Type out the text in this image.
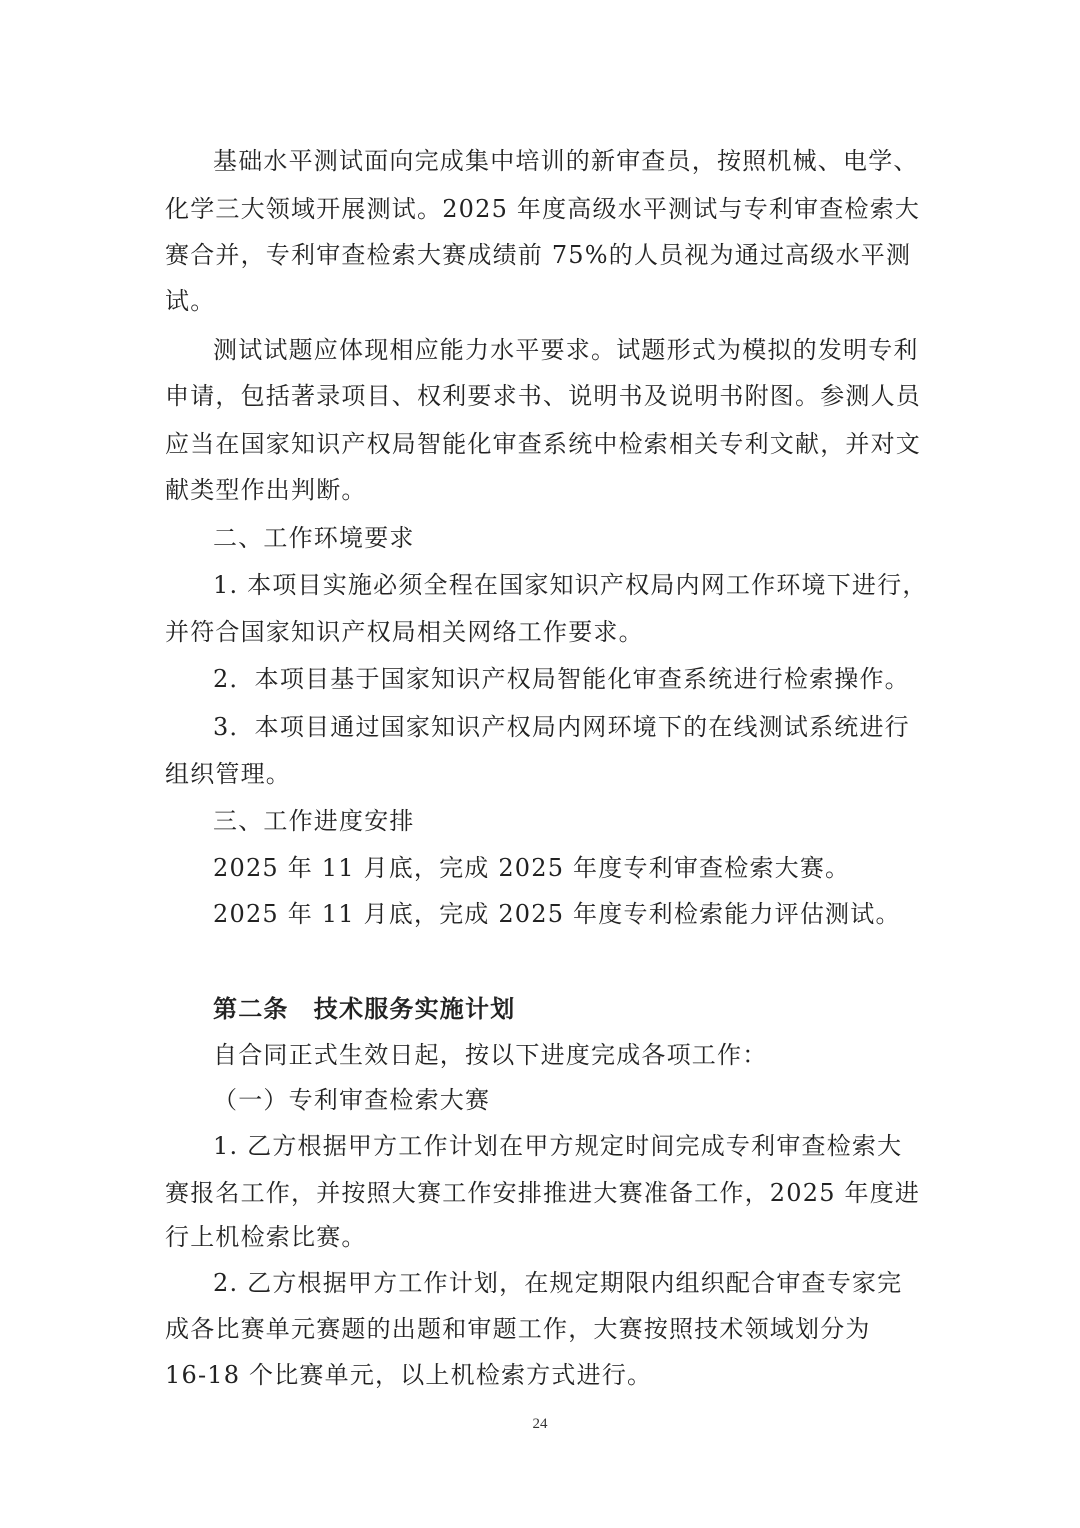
基础水平测试面向完成集中培训的新审查员，按照机械、电学、
化学三大领域开展测试。2025 年度高级水平测试与专利审查检索大
赛合并，专利审查检索大赛成绩前 75%的人员视为通过高级水平测
试。
测试试题应体现相应能力水平要求。试题形式为模拟的发明专利
申请，包括著录项目、权利要求书、说明书及说明书附图。参测人员
应当在国家知识产权局智能化审查系统中检索相关专利文献，并对文
献类型作出判断。
二、工作环境要求
1. 本项目实施必须全程在国家知识产权局内网工作环境下进行，
并符合国家知识产权局相关网络工作要求。
2．本项目基于国家知识产权局智能化审查系统进行检索操作。
3．本项目通过国家知识产权局内网环境下的在线测试系统进行
组织管理。
三、工作进度安排
2025 年 11 月底，完成 2025 年度专利审查检索大赛。
2025 年 11 月底，完成 2025 年度专利检索能力评估测试。
第二条　技术服务实施计划
自合同正式生效日起，按以下进度完成各项工作：
（一）专利审查检索大赛
1. 乙方根据甲方工作计划在甲方规定时间完成专利审查检索大
赛报名工作，并按照大赛工作安排推进大赛准备工作，2025 年度进
行上机检索比赛。
2. 乙方根据甲方工作计划，在规定期限内组织配合审查专家完
成各比赛单元赛题的出题和审题工作，大赛按照技术领域划分为
16-18 个比赛单元，以上机检索方式进行。
24
